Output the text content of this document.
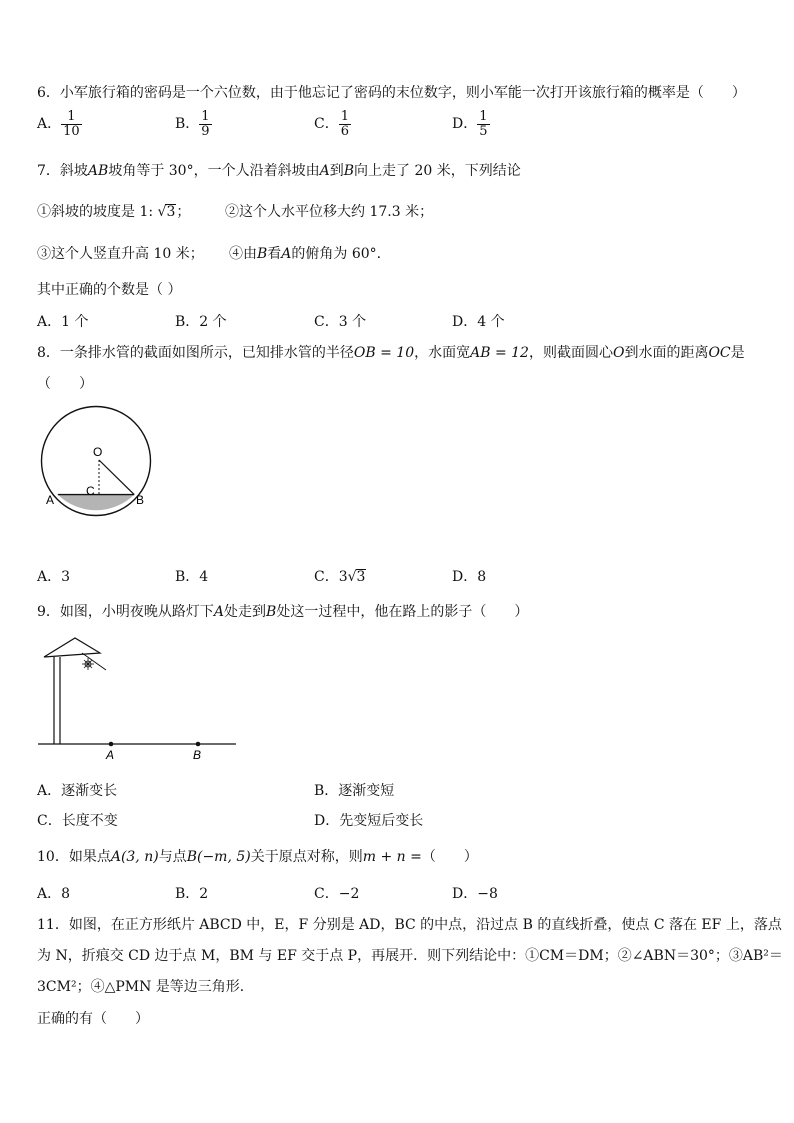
6．小军旅行箱的密码是一个六位数，由于他忘记了密码的末位数字，则小军能一次打开该旅行箱的概率是（　　）
A． $\frac{1}{10}$	B． $\frac{1}{9}$	C． $\frac{1}{6}$	D． $\frac{1}{5}$
7．斜坡AB坡角等于 30°，一个人沿着斜坡由A到B向上走了 20 米，下列结论
①斜坡的坡度是 1: √3； ②这个人水平位移大约 17.3 米；
③这个人竖直升高 10 米； ④由B看A的俯角为 60°.
其中正确的个数是（ ）
A．1 个	B．2 个	C．3 个	D．4 个
8．一条排水管的截面如图所示，已知排水管的半径OB = 10，水面宽AB = 12，则截面圆心O到水面的距离OC是
（　　）
O
C
A	B
A．3	B．4	C．3√3	D．8
9．如图，小明夜晚从路灯下A处走到B处这一过程中，他在路上的影子（　　）
A	B
A．逐渐变长	B．逐渐变短
C．长度不变	D．先变短后变长
10．如果点A(3, n)与点B(−m, 5)关于原点对称，则m + n =（　　）
A．8	B．2	C．−2	D．−8
11．如图，在正方形纸片 ABCD 中，E，F 分别是 AD，BC 的中点，沿过点 B 的直线折叠，使点 C 落在 EF 上，落点
为 N，折痕交 CD 边于点 M，BM 与 EF 交于点 P，再展开．则下列结论中：①CM＝DM；②∠ABN＝30°；③AB²＝
3CM²；④△PMN 是等边三角形．
正确的有（　　）
